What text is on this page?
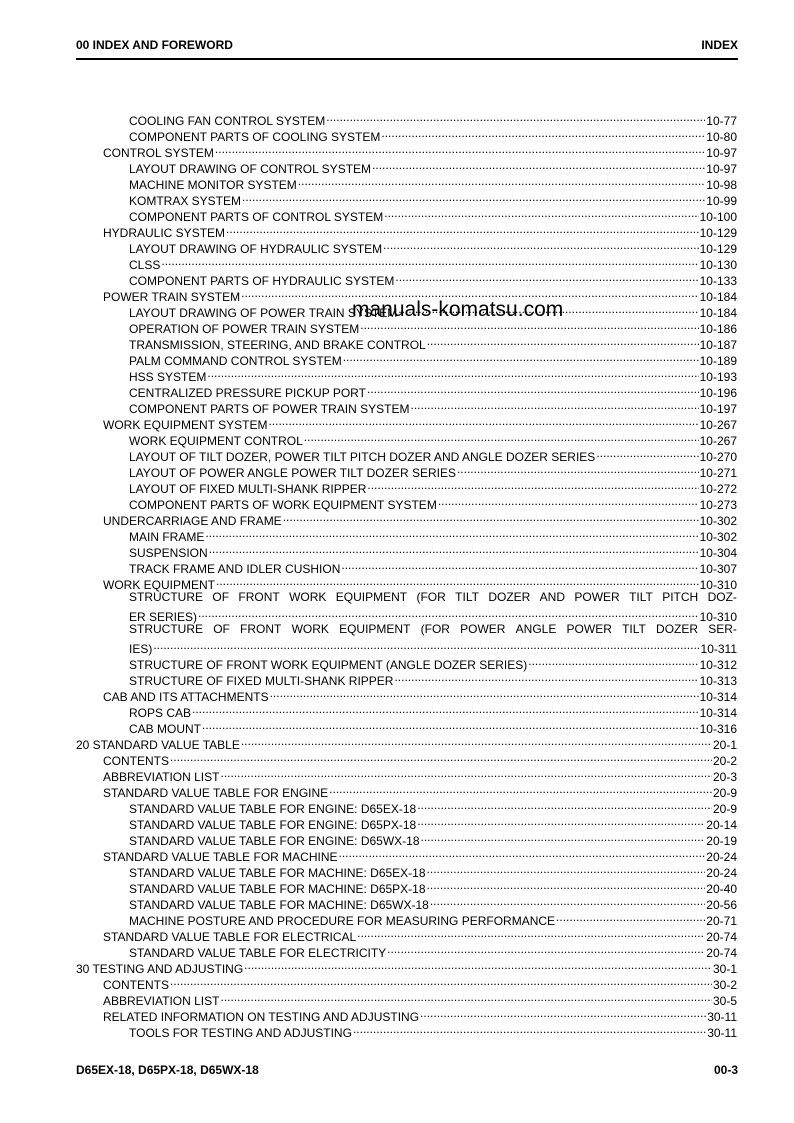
00 INDEX AND FOREWORD	INDEX
COOLING FAN CONTROL SYSTEM .....	10-77
COMPONENT PARTS OF COOLING SYSTEM .....	10-80
CONTROL SYSTEM .....	10-97
LAYOUT DRAWING OF CONTROL SYSTEM .....	10-97
MACHINE MONITOR SYSTEM .....	10-98
KOMTRAX SYSTEM .....	10-99
COMPONENT PARTS OF CONTROL SYSTEM .....	10-100
HYDRAULIC SYSTEM .....	10-129
LAYOUT DRAWING OF HYDRAULIC SYSTEM .....	10-129
CLSS .....	10-130
COMPONENT PARTS OF HYDRAULIC SYSTEM .....	10-133
POWER TRAIN SYSTEM .....	10-184
LAYOUT DRAWING OF POWER TRAIN SYSTEM .....	10-184
OPERATION OF POWER TRAIN SYSTEM .....	10-186
TRANSMISSION, STEERING, AND BRAKE CONTROL .....	10-187
PALM COMMAND CONTROL SYSTEM .....	10-189
HSS SYSTEM .....	10-193
CENTRALIZED PRESSURE PICKUP PORT .....	10-196
COMPONENT PARTS OF POWER TRAIN SYSTEM .....	10-197
WORK EQUIPMENT SYSTEM .....	10-267
WORK EQUIPMENT CONTROL .....	10-267
LAYOUT OF TILT DOZER, POWER TILT PITCH DOZER AND ANGLE DOZER SERIES .....	10-270
LAYOUT OF POWER ANGLE POWER TILT DOZER SERIES .....	10-271
LAYOUT OF FIXED MULTI-SHANK RIPPER .....	10-272
COMPONENT PARTS OF WORK EQUIPMENT SYSTEM .....	10-273
UNDERCARRIAGE AND FRAME .....	10-302
MAIN FRAME .....	10-302
SUSPENSION .....	10-304
TRACK FRAME AND IDLER CUSHION .....	10-307
WORK EQUIPMENT .....	10-310
STRUCTURE OF FRONT WORK EQUIPMENT (FOR TILT DOZER AND POWER TILT PITCH DOZ-
ER SERIES) .....	10-310
STRUCTURE OF FRONT WORK EQUIPMENT (FOR POWER ANGLE POWER TILT DOZER SER-
IES) .....	10-311
STRUCTURE OF FRONT WORK EQUIPMENT (ANGLE DOZER SERIES) .....	10-312
STRUCTURE OF FIXED MULTI-SHANK RIPPER .....	10-313
CAB AND ITS ATTACHMENTS .....	10-314
ROPS CAB .....	10-314
CAB MOUNT .....	10-316
20 STANDARD VALUE TABLE .....	20-1
CONTENTS .....	20-2
ABBREVIATION LIST .....	20-3
STANDARD VALUE TABLE FOR ENGINE .....	20-9
STANDARD VALUE TABLE FOR ENGINE: D65EX-18 .....	20-9
STANDARD VALUE TABLE FOR ENGINE: D65PX-18 .....	20-14
STANDARD VALUE TABLE FOR ENGINE: D65WX-18 .....	20-19
STANDARD VALUE TABLE FOR MACHINE .....	20-24
STANDARD VALUE TABLE FOR MACHINE: D65EX-18 .....	20-24
STANDARD VALUE TABLE FOR MACHINE: D65PX-18 .....	20-40
STANDARD VALUE TABLE FOR MACHINE: D65WX-18 .....	20-56
MACHINE POSTURE AND PROCEDURE FOR MEASURING PERFORMANCE .....	20-71
STANDARD VALUE TABLE FOR ELECTRICAL .....	20-74
STANDARD VALUE TABLE FOR ELECTRICITY .....	20-74
30 TESTING AND ADJUSTING .....	30-1
CONTENTS .....	30-2
ABBREVIATION LIST .....	30-5
RELATED INFORMATION ON TESTING AND ADJUSTING .....	30-11
TOOLS FOR TESTING AND ADJUSTING .....	30-11
manuals-komatsu.com
D65EX-18, D65PX-18, D65WX-18	00-3
